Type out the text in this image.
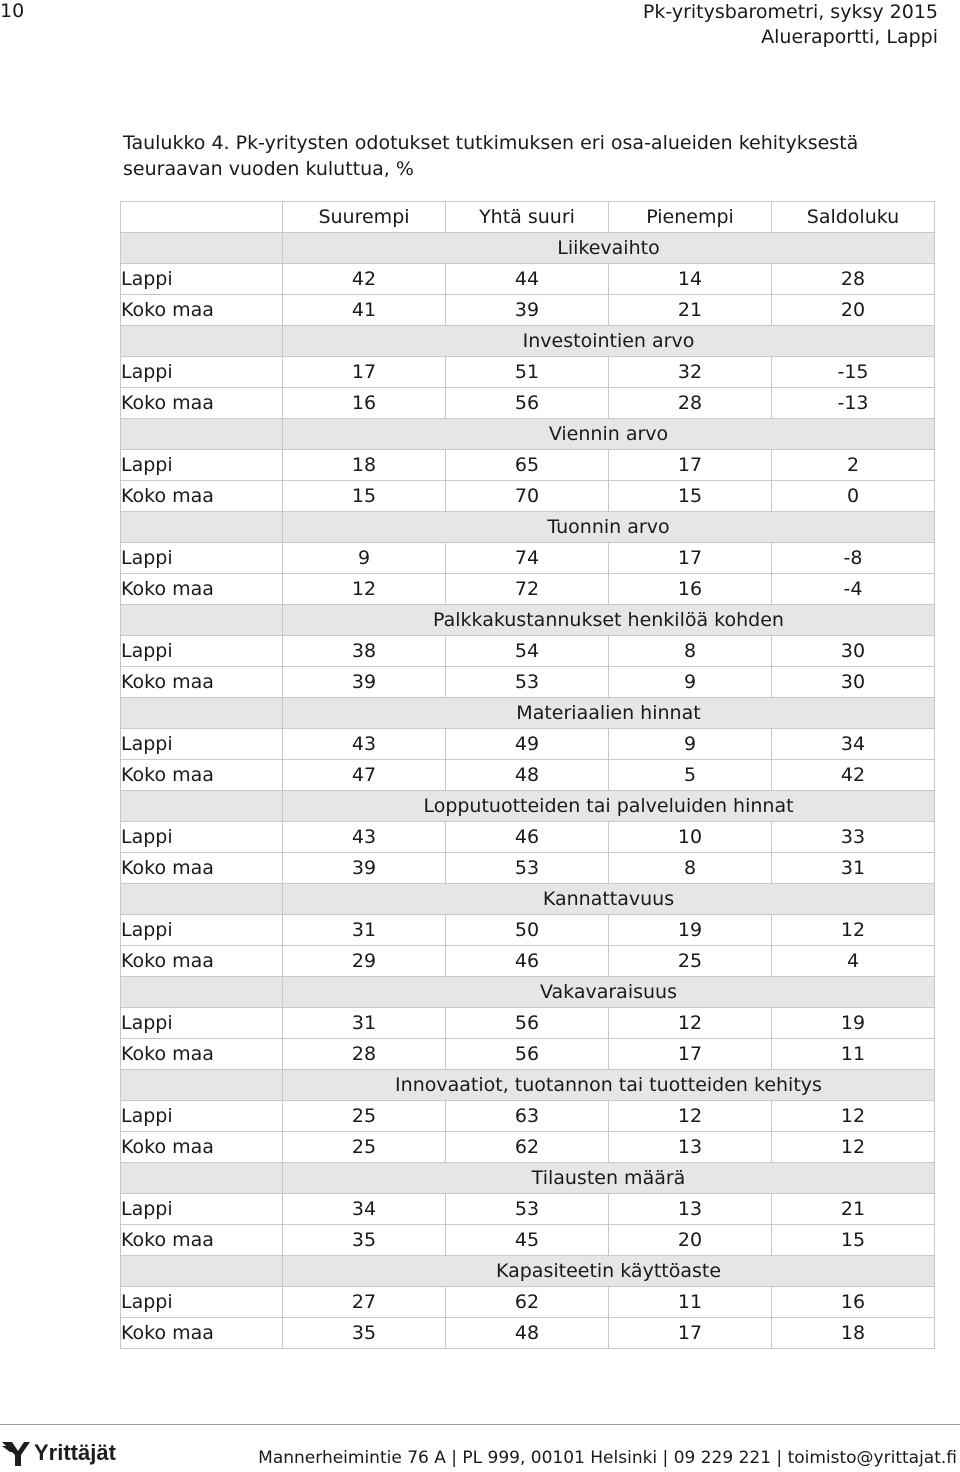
10	Pk-yritysbarometri, syksy 2015
Alueraportti, Lappi
Taulukko 4. Pk-yritysten odotukset tutkimuksen eri osa-alueiden kehityksestä seuraavan vuoden kuluttua, %
	Suurempi	Yhtä suuri	Pienempi	Saldoluku
	Liikevaihto			
Lappi	42	44	14	28
Koko maa	41	39	21	20
	Investointien arvo			
Lappi	17	51	32	-15
Koko maa	16	56	28	-13
	Viennin arvo			
Lappi	18	65	17	2
Koko maa	15	70	15	0
	Tuonnin arvo			
Lappi	9	74	17	-8
Koko maa	12	72	16	-4
	Palkkakustannukset henkilöä kohden			
Lappi	38	54	8	30
Koko maa	39	53	9	30
	Materiaalien hinnat			
Lappi	43	49	9	34
Koko maa	47	48	5	42
	Lopputuotteiden tai palveluiden hinnat			
Lappi	43	46	10	33
Koko maa	39	53	8	31
	Kannattavuus			
Lappi	31	50	19	12
Koko maa	29	46	25	4
	Vakavaraisuus			
Lappi	31	56	12	19
Koko maa	28	56	17	11
	Innovaatiot, tuotannon tai tuotteiden kehitys			
Lappi	25	63	12	12
Koko maa	25	62	13	12
	Tilausten määrä			
Lappi	34	53	13	21
Koko maa	35	45	20	15
	Kapasiteetin käyttöaste			
Lappi	27	62	11	16
Koko maa	35	48	17	18
Yrittäjät	Mannerheimintie 76 A | PL 999, 00101 Helsinki | 09 229 221 | toimisto@yrittajat.fi
